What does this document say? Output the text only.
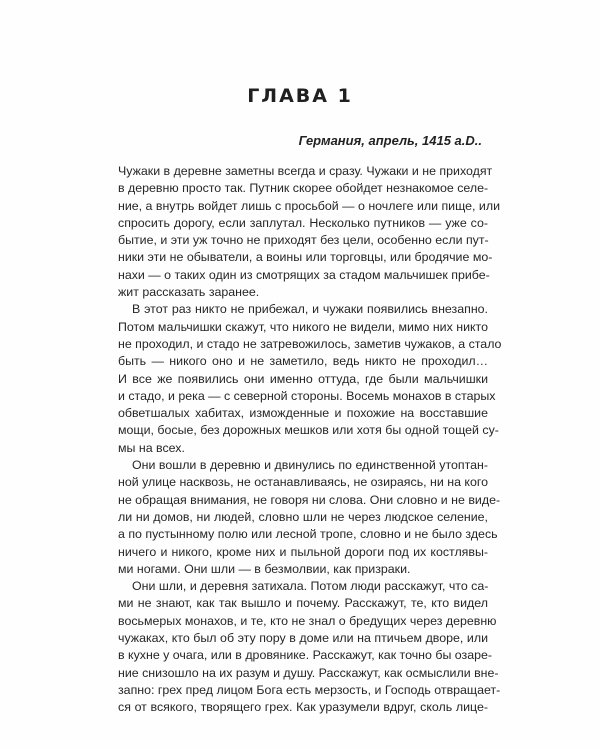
ГЛАВА 1
Германия, апрель, 1415 a.D..
Чужаки в деревне заметны всегда и сразу. Чужаки и не приходят
в деревню просто так. Путник скорее обойдет незнакомое селе-
ние, а внутрь войдет лишь с просьбой — о ночлеге или пище, или
спросить дорогу, если заплутал. Несколько путников — уже со-
бытие, и эти уж точно не приходят без цели, особенно если пут-
ники эти не обыватели, а воины или торговцы, или бродячие мо-
нахи — о таких один из смотрящих за стадом мальчишек прибе-
жит рассказать заранее.
В этот раз никто не прибежал, и чужаки появились внезапно.
Потом мальчишки скажут, что никого не видели, мимо них никто
не проходил, и стадо не затревожилось, заметив чужаков, а стало
быть — никого оно и не заметило, ведь никто не проходил…
И все же появились они именно оттуда, где были мальчишки
и стадо, и река — с северной стороны. Восемь монахов в старых
обветшалых хабитах, изможденные и похожие на восставшие
мощи, босые, без дорожных мешков или хотя бы одной тощей су-
мы на всех.
Они вошли в деревню и двинулись по единственной утоптан-
ной улице насквозь, не останавливаясь, не озираясь, ни на кого
не обращая внимания, не говоря ни слова. Они словно и не виде-
ли ни домов, ни людей, словно шли не через людское селение,
а по пустынному полю или лесной тропе, словно и не было здесь
ничего и никого, кроме них и пыльной дороги под их костлявы-
ми ногами. Они шли — в безмолвии, как призраки.
Они шли, и деревня затихала. Потом люди расскажут, что са-
ми не знают, как так вышло и почему. Расскажут, те, кто видел
восьмерых монахов, и те, кто не знал о бредущих через деревню
чужаках, кто был об эту пору в доме или на птичьем дворе, или
в кухне у очага, или в дровянике. Расскажут, как точно бы озаре-
ние снизошло на их разум и душу. Расскажут, как осмыслили вне-
запно: грех пред лицом Бога есть мерзость, и Господь отвращает-
ся от всякого, творящего грех. Как уразумели вдруг, сколь лице-
